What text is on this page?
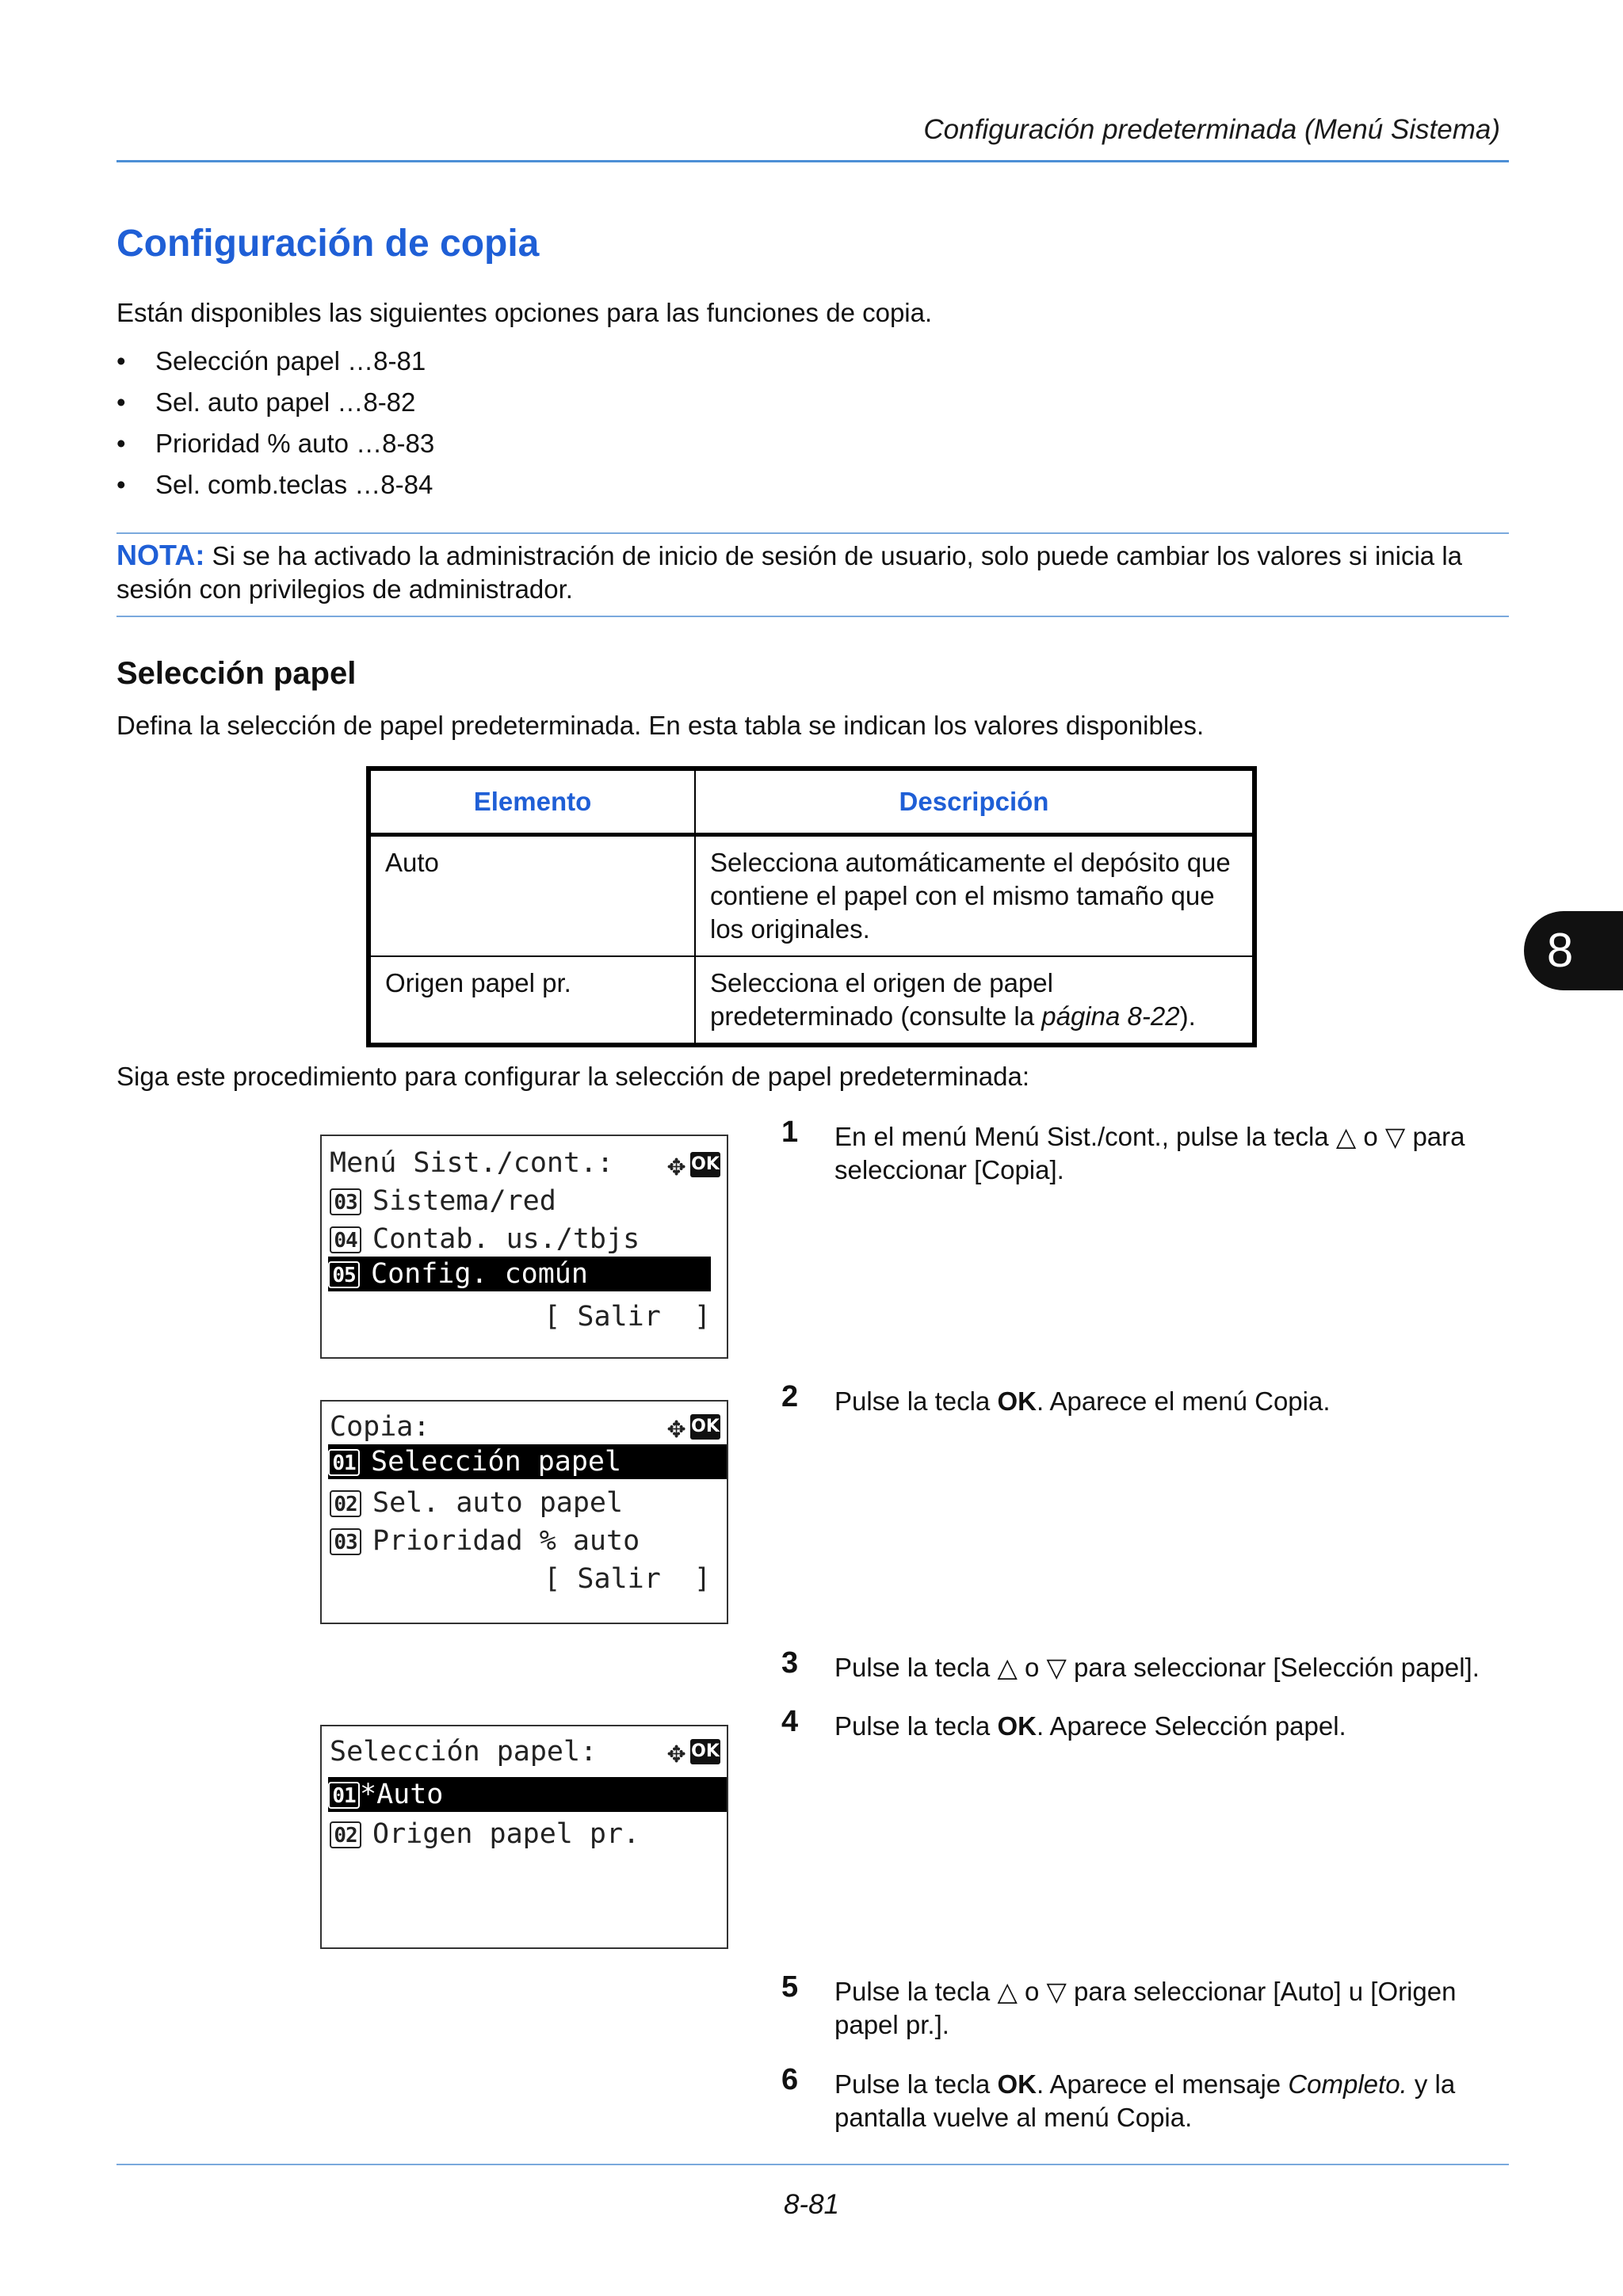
Configuración predeterminada (Menú Sistema)
Configuración de copia
Están disponibles las siguientes opciones para las funciones de copia.
• Selección papel …8-81
• Sel. auto papel …8-82
• Prioridad % auto …8-83
• Sel. comb.teclas …8-84
NOTA: Si se ha activado la administración de inicio de sesión de usuario, solo puede cambiar los valores si inicia la sesión con privilegios de administrador.
Selección papel
Defina la selección de papel predeterminada. En esta tabla se indican los valores disponibles.
Elemento	Descripción
Auto	Selecciona automáticamente el depósito que contiene el papel con el mismo tamaño que los originales.
Origen papel pr.	Selecciona el origen de papel predeterminado (consulte la página 8-22).
Siga este procedimiento para configurar la selección de papel predeterminada:
Menú Sist./cont.:	✥ OK
03 Sistema/red
04 Contab. us./tbjs
05 Config. común
[ Salir  ]
Copia:	✥ OK
01 Selección papel
02 Sel. auto papel
03 Prioridad % auto
[ Salir  ]
Selección papel:	✥ OK
01 *Auto
02 Origen papel pr.
1 En el menú Menú Sist./cont., pulse la tecla △ o ▽ para seleccionar [Copia].
2 Pulse la tecla OK. Aparece el menú Copia.
3 Pulse la tecla △ o ▽ para seleccionar [Selección papel].
4 Pulse la tecla OK. Aparece Selección papel.
5 Pulse la tecla △ o ▽ para seleccionar [Auto] u [Origen papel pr.].
6 Pulse la tecla OK. Aparece el mensaje Completo. y la pantalla vuelve al menú Copia.
8
8-81
